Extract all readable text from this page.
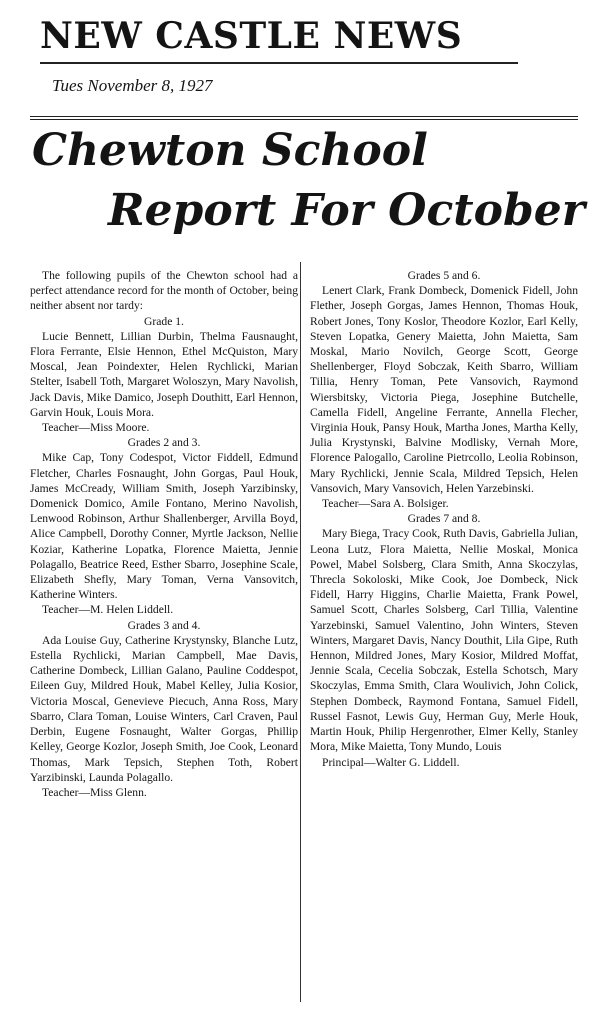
NEW CASTLE NEWS
Tues November 8, 1927
Chewton School
Report For October

The following pupils of the Chewton school had a perfect attendance record for the month of October, being neither absent nor tardy:

Grade 1.

Lucie Bennett, Lillian Durbin, Thelma Fausnaught, Flora Ferrante, Elsie Hennon, Ethel McQuiston, Mary Moscal, Jean Poindexter, Helen Rychlicki, Marian Stelter, Isabell Toth, Margaret Woloszyn, Mary Navolish, Jack Davis, Mike Damico, Joseph Douthitt, Earl Hennon, Garvin Houk, Louis Mora.

Teacher—Miss Moore.

Grades 2 and 3.

Mike Cap, Tony Codespot, Victor Fiddell, Edmund Fletcher, Charles Fosnaught, John Gorgas, Paul Houk, James McCready, William Smith, Joseph Yarzibinsky, Domenick Domico, Amile Fontano, Merino Navolish, Lenwood Robinson, Arthur Shallenberger, Arvilla Boyd, Alice Campbell, Dorothy Conner, Myrtle Jackson, Nellie Koziar, Katherine Lopatka, Florence Maietta, Jennie Polagallo, Beatrice Reed, Esther Sbarro, Josephine Scale, Elizabeth Shefly, Mary Toman, Verna Vansovitch, Katherine Winters.

Teacher—M. Helen Liddell.

Grades 3 and 4.

Ada Louise Guy, Catherine Krystynsky, Blanche Lutz, Estella Rychlicki, Marian Campbell, Mae Davis, Catherine Dombeck, Lillian Galano, Pauline Coddespot, Eileen Guy, Mildred Houk, Mabel Kelley, Julia Kosior, Victoria Moscal, Genevieve Piecuch, Anna Ross, Mary Sbarro, Clara Toman, Louise Winters, Carl Craven, Paul Derbin, Eugene Fosnaught, Walter Gorgas, Phillip Kelley, George Kozlor, Joseph Smith, Joe Cook, Leonard Thomas, Mark Tepsich, Stephen Toth, Robert Yarzibinski, Launda Polagallo.

Teacher—Miss Glenn.

Grades 5 and 6.

Lenert Clark, Frank Dombeck, Domenick Fidell, John Flether, Joseph Gorgas, James Hennon, Thomas Houk, Robert Jones, Tony Koslor, Theodore Kozlor, Earl Kelly, Steven Lopatka, Genery Maietta, John Maietta, Sam Moskal, Mario Novilch, George Scott, George Shellenberger, Floyd Sobczak, Keith Sbarro, William Tillia, Henry Toman, Pete Vansovich, Raymond Wiersbitsky, Victoria Piega, Josephine Butchelle, Camella Fidell, Angeline Ferrante, Annella Flecher, Virginia Houk, Pansy Houk, Martha Jones, Martha Kelly, Julia Krystynski, Balvine Modlisky, Vernah More, Florence Palogallo, Caroline Pietrcollo, Leolia Robinson, Mary Rychlicki, Jennie Scala, Mildred Tepsich, Helen Vansovich, Mary Vansovich, Helen Yarzebinski.

Teacher—Sara A. Bolsiger.

Grades 7 and 8.

Mary Biega, Tracy Cook, Ruth Davis, Gabriella Julian, Leona Lutz, Flora Maietta, Nellie Moskal, Monica Powel, Mabel Solsberg, Clara Smith, Anna Skoczylas, Threcla Sokoloski, Mike Cook, Joe Dombeck, Nick Fidell, Harry Higgins, Charlie Maietta, Frank Powel, Samuel Scott, Charles Solsberg, Carl Tillia, Valentine Yarzebinski, Samuel Valentino, John Winters, Steven Winters, Margaret Davis, Nancy Douthit, Lila Gipe, Ruth Hennon, Mildred Jones, Mary Kosior, Mildred Moffat, Jennie Scala, Cecelia Sobczak, Estella Schotsch, Mary Skoczylas, Emma Smith, Clara Woulivich, John Colick, Stephen Dombeck, Raymond Fontana, Samuel Fidell, Russel Fasnot, Lewis Guy, Herman Guy, Merle Houk, Martin Houk, Philip Hergenrother, Elmer Kelly, Stanley Mora, Mike Maietta, Tony Mundo, Louis

Principal—Walter G. Liddell.
